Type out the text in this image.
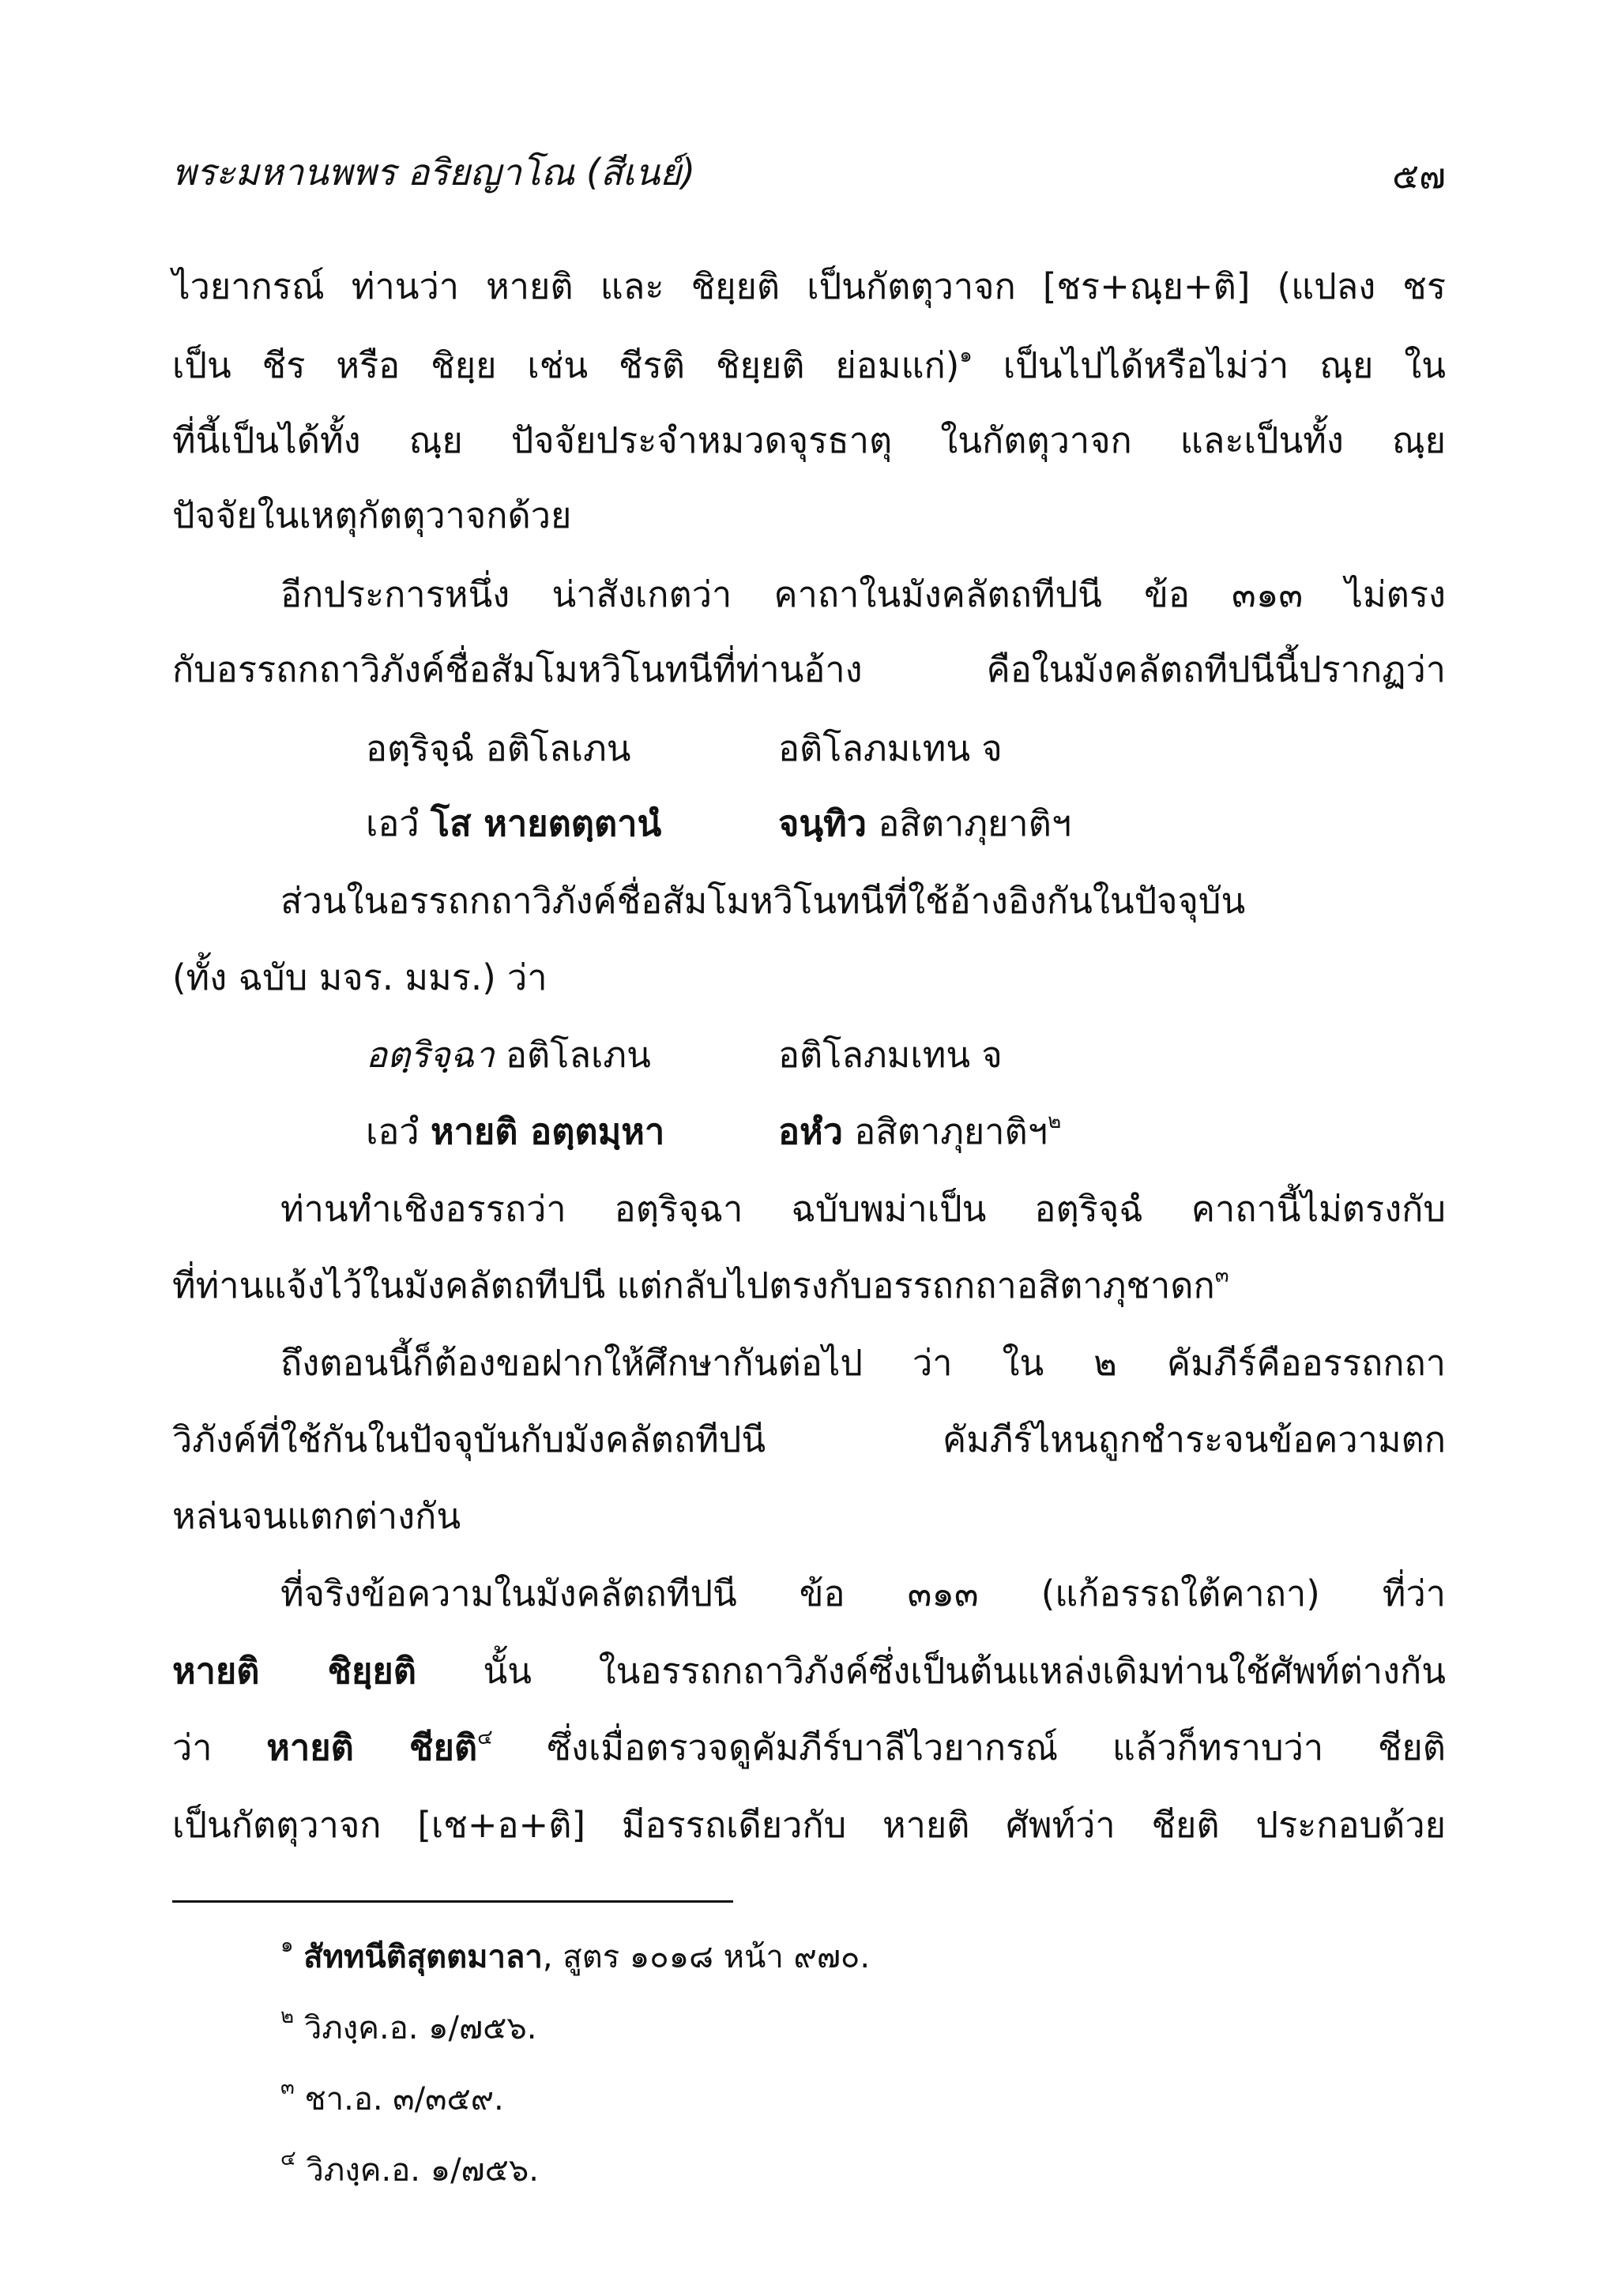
พระมหานพพร อริยญาโณ (สีเนย์)	๕๗
ไวยากรณ์ ท่านว่า หายติ และ ชิยฺยติ เป็นกัตตุวาจก [ชร+ณฺย+ติ] (แปลง ชร
เป็น ชีร หรือ ชิยฺย เช่น ชีรติ ชิยฺยติ ย่อมแก่)$^๑$ เป็นไปได้หรือไม่ว่า ณฺย ใน
ที่นี้เป็นได้ทั้ง ณฺย ปัจจัยประจำหมวดจุรธาตุ ในกัตตุวาจก และเป็นทั้ง ณฺย
ปัจจัยในเหตุกัตตุวาจกด้วย
อีกประการหนึ่ง น่าสังเกตว่า คาถาในมังคลัตถทีปนี ข้อ ๓๑๓ ไม่ตรง
กับอรรถกถาวิภังค์ชื่อสัมโมหวิโนทนีที่ท่านอ้าง คือในมังคลัตถทีปนีนี้ปรากฏว่า
อตฺริจฺฉํ อติโลเภน	อติโลภมเทน จ
เอวํ โส หายตตฺตานํ	จนฺทิว อสิตาภุยาติฯ
ส่วนในอรรถกถาวิภังค์ชื่อสัมโมหวิโนทนีที่ใช้อ้างอิงกันในปัจจุบัน
(ทั้ง ฉบับ มจร. มมร.) ว่า
อตฺริจฺฉา อติโลเภน	อติโลภมเทน จ
เอวํ หายติ อตฺตมฺหา	อหํว อสิตาภุยาติฯ$^๒$
ท่านทำเชิงอรรถว่า อตฺริจฺฉา ฉบับพม่าเป็น อตฺริจฺฉํ คาถานี้ไม่ตรงกับ
ที่ท่านแจ้งไว้ในมังคลัตถทีปนี แต่กลับไปตรงกับอรรถกถาอสิตาภุชาดก$^๓$
ถึงตอนนี้ก็ต้องขอฝากให้ศึกษากันต่อไป ว่า ใน ๒ คัมภีร์คืออรรถกถา
วิภังค์ที่ใช้กันในปัจจุบันกับมังคลัตถทีปนี คัมภีร์ไหนถูกชำระจนข้อความตก
หล่นจนแตกต่างกัน
ที่จริงข้อความในมังคลัตถทีปนี ข้อ ๓๑๓ (แก้อรรถใต้คาถา) ที่ว่า
หายติ ชิยฺยติ นั้น ในอรรถกถาวิภังค์ซึ่งเป็นต้นแหล่งเดิมท่านใช้ศัพท์ต่างกัน
ว่า หายติ ชียติ$^๔$ ซึ่งเมื่อตรวจดูคัมภีร์บาลีไวยากรณ์ แล้วก็ทราบว่า ชียติ
เป็นกัตตุวาจก [เช+อ+ติ] มีอรรถเดียวกับ หายติ ศัพท์ว่า ชียติ ประกอบด้วย
$^๑$ สัททนีติสุตตมาลา, สูตร ๑๐๑๘ หน้า ๙๗๐.
$^๒$ วิภงฺค.อ. ๑/๗๕๖.
$^๓$ ชา.อ. ๓/๓๕๙.
$^๔$ วิภงฺค.อ. ๑/๗๕๖.
